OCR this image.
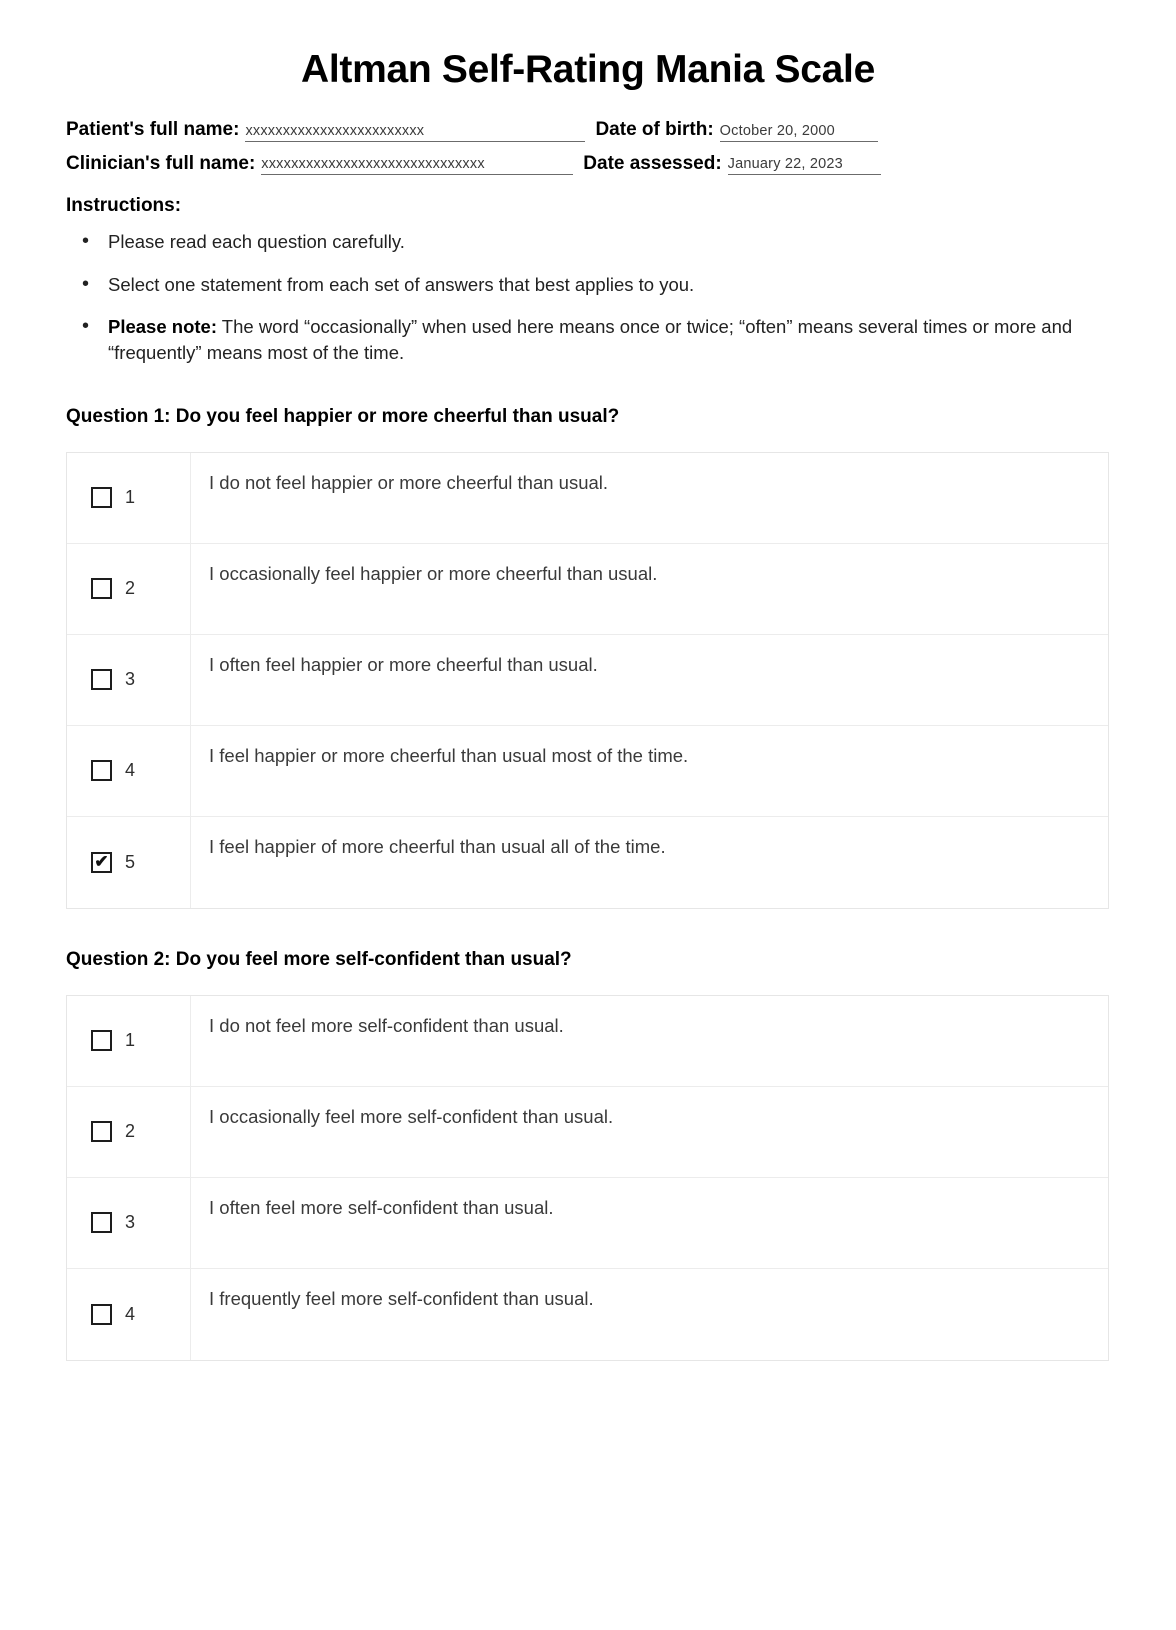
Altman Self-Rating Mania Scale
Patient's full name: xxxxxxxxxxxxxxxxxxxxxxxx	Date of birth: October 20, 2000
Clinician's full name: xxxxxxxxxxxxxxxxxxxxxxxxxxxxxx	Date assessed: January 22, 2023
Instructions:
• Please read each question carefully.
• Select one statement from each set of answers that best applies to you.
• Please note: The word “occasionally” when used here means once or twice; “often” means several times or more and “frequently” means most of the time.
Question 1: Do you feel happier or more cheerful than usual?
1
I do not feel happier or more cheerful than usual.
2
I occasionally feel happier or more cheerful than usual.
3
I often feel happier or more cheerful than usual.
4
I feel happier or more cheerful than usual most of the time.
✔ 5
I feel happier of more cheerful than usual all of the time.
Question 2: Do you feel more self-confident than usual?
1
I do not feel more self-confident than usual.
2
I occasionally feel more self-confident than usual.
3
I often feel more self-confident than usual.
4
I frequently feel more self-confident than usual.
